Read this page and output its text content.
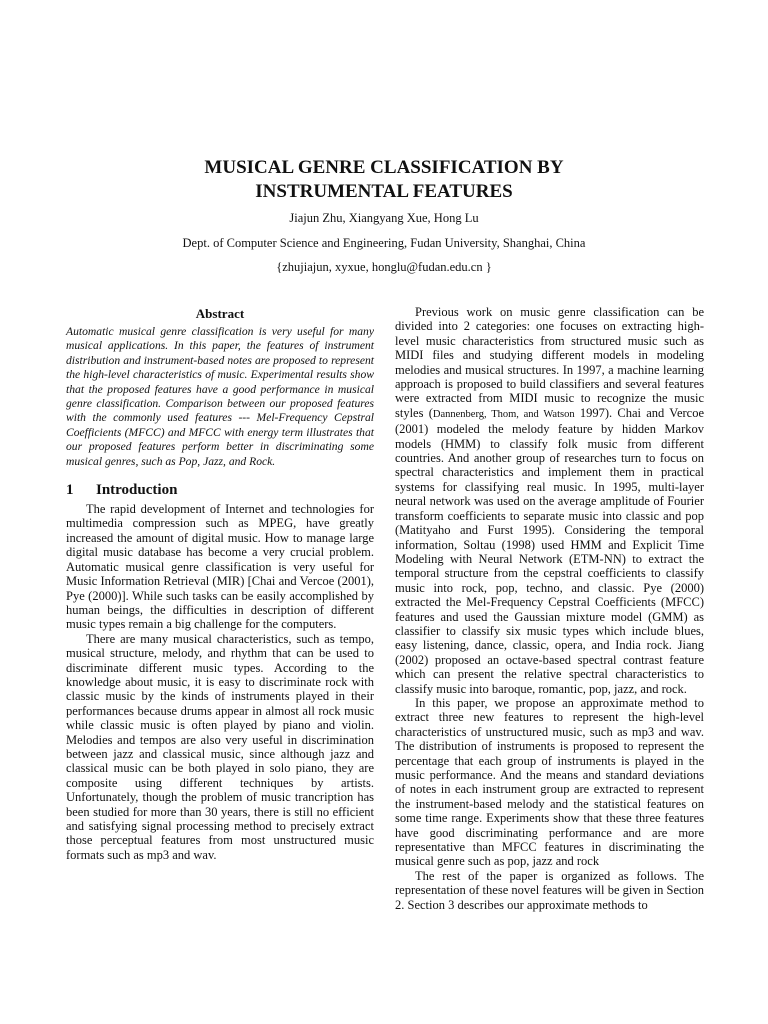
MUSICAL GENRE CLASSIFICATION BY
INSTRUMENTAL FEATURES
Jiajun Zhu, Xiangyang Xue, Hong Lu
Dept. of Computer Science and Engineering, Fudan University, Shanghai, China
{zhujiajun, xyxue, honglu@fudan.edu.cn }
Abstract

Automatic musical genre classification is very useful for many musical applications. In this paper, the features of instrument distribution and instrument-based notes are proposed to represent the high-level characteristics of music. Experimental results show that the proposed features have a good performance in musical genre classification. Comparison between our proposed features with the commonly used features --- Mel-Frequency Cepstral Coefficients (MFCC) and MFCC with energy term illustrates that our proposed features perform better in discriminating some musical genres, such as Pop, Jazz, and Rock.

1 Introduction

The rapid development of Internet and technologies for multimedia compression such as MPEG, have greatly increased the amount of digital music. How to manage large digital music database has become a very crucial problem. Automatic musical genre classification is very useful for Music Information Retrieval (MIR) [Chai and Vercoe (2001), Pye (2000)]. While such tasks can be easily accomplished by human beings, the difficulties in description of different music types remain a big challenge for the computers.

There are many musical characteristics, such as tempo, musical structure, melody, and rhythm that can be used to discriminate different music types. According to the knowledge about music, it is easy to discriminate rock with classic music by the kinds of instruments played in their performances because drums appear in almost all rock music while classic music is often played by piano and violin. Melodies and tempos are also very useful in discrimination between jazz and classical music, since although jazz and classical music can be both played in solo piano, they are composite using different techniques by artists. Unfortunately, though the problem of music trancription has been studied for more than 30 years, there is still no efficient and satisfying signal processing method to precisely extract those perceptual features from most unstructured music formats such as mp3 and wav.

Previous work on music genre classification can be divided into 2 categories: one focuses on extracting high-level music characteristics from structured music such as MIDI files and studying different models in modeling melodies and musical structures. In 1997, a machine learning approach is proposed to build classifiers and several features were extracted from MIDI music to recognize the music styles (Dannenberg, Thom, and Watson 1997). Chai and Vercoe (2001) modeled the melody feature by hidden Markov models (HMM) to classify folk music from different countries. And another group of researches turn to focus on spectral characteristics and implement them in practical systems for classifying real music. In 1995, multi-layer neural network was used on the average amplitude of Fourier transform coefficients to separate music into classic and pop (Matityaho and Furst 1995). Considering the temporal information, Soltau (1998) used HMM and Explicit Time Modeling with Neural Network (ETM-NN) to extract the temporal structure from the cepstral coefficients to classify music into rock, pop, techno, and classic. Pye (2000) extracted the Mel-Frequency Cepstral Coefficients (MFCC) features and used the Gaussian mixture model (GMM) as classifier to classify six music types which include blues, easy listening, dance, classic, opera, and India rock. Jiang (2002) proposed an octave-based spectral contrast feature which can present the relative spectral characteristics to classify music into baroque, romantic, pop, jazz, and rock.

In this paper, we propose an approximate method to extract three new features to represent the high-level characteristics of unstructured music, such as mp3 and wav. The distribution of instruments is proposed to represent the percentage that each group of instruments is played in the music performance. And the means and standard deviations of notes in each instrument group are extracted to represent the instrument-based melody and the statistical features on some time range. Experiments show that these three features have good discriminating performance and are more representative than MFCC features in discriminating the musical genre such as pop, jazz and rock

The rest of the paper is organized as follows. The representation of these novel features will be given in Section 2. Section 3 describes our approximate methods to
